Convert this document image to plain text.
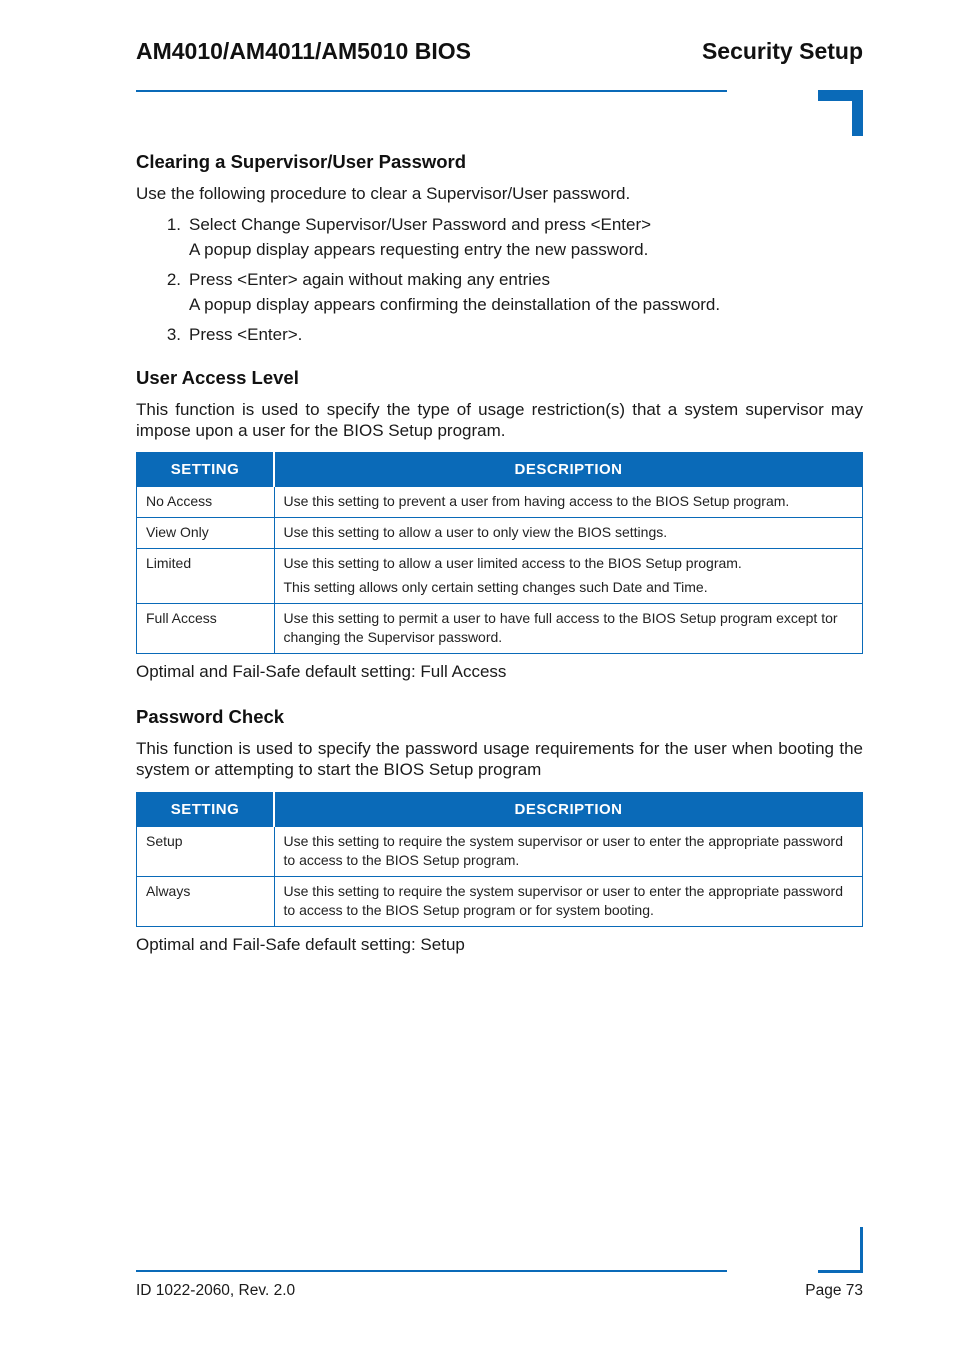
AM4010/AM4011/AM5010 BIOS	Security Setup
Clearing a Supervisor/User Password

Use the following procedure to clear a Supervisor/User password.

1. Select Change Supervisor/User Password and press <Enter>
A popup display appears requesting entry the new password.
2. Press <Enter> again without making any entries
A popup display appears confirming the deinstallation of the password.
3. Press <Enter>.
User Access Level

This function is used to specify the type of usage restriction(s) that a system supervisor may impose upon a user for the BIOS Setup program.

SETTING	DESCRIPTION
No Access	Use this setting to prevent a user from having access to the BIOS Setup program.
View Only	Use this setting to allow a user to only view the BIOS settings.
Limited	Use this setting to allow a user limited access to the BIOS Setup program.
This setting allows only certain setting changes such Date and Time.

Full Access	Use this setting to permit a user to have full access to the BIOS Setup program except tor changing the Supervisor password.

Optimal and Fail-Safe default setting: Full Access

Password Check

This function is used to specify the password usage requirements for the user when booting the system or attempting to start the BIOS Setup program

SETTING	DESCRIPTION
Setup	Use this setting to require the system supervisor or user to enter the appropriate password to access to the BIOS Setup program.
Always	Use this setting to require the system supervisor or user to enter the appropriate password to access to the BIOS Setup program or for system booting.

Optimal and Fail-Safe default setting: Setup

ID 1022-2060, Rev. 2.0	Page 73
